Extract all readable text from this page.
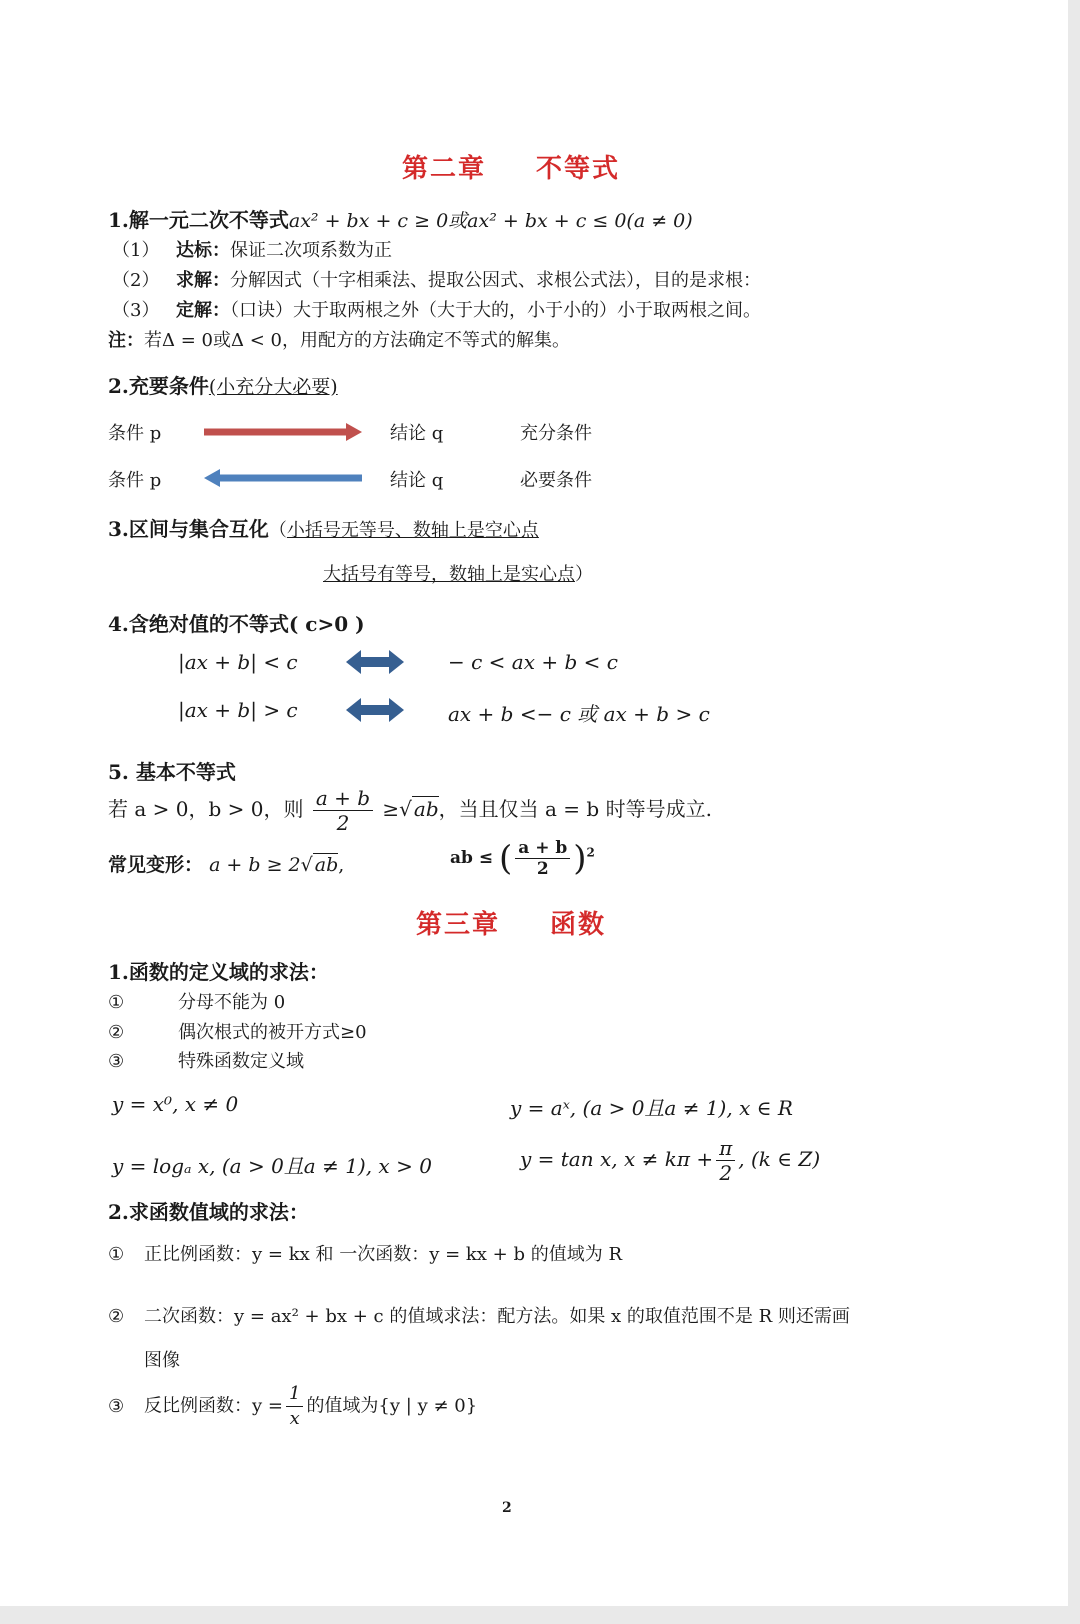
第二章 不等式
1.解一元二次不等式ax² + bx + c ≥ 0或ax² + bx + c ≤ 0(a ≠ 0)
（1） 达标：保证二次项系数为正
（2） 求解：分解因式（十字相乘法、提取公因式、求根公式法），目的是求根：
（3） 定解：（口诀）大于取两根之外（大于大的，小于小的）小于取两根之间。
注：若Δ = 0或Δ < 0，用配方的方法确定不等式的解集。
2.充要条件(小充分大必要)
条件 p	结论 q	充分条件
条件 p	结论 q	必要条件
3.区间与集合互化（小括号无等号、数轴上是空心点
大括号有等号，数轴上是实心点）
4.含绝对值的不等式( c>0 )
|ax + b| < c	− c < ax + b < c
|ax + b| > c	ax + b <− c 或 ax + b > c
5. 基本不等式
若 a > 0，b > 0，则 $\frac{a + b}{2}$ ≥√ ab，当且仅当 a = b 时等号成立.
常见变形： a + b ≥ 2√ ab,	ab ≤ ( $\frac{a + b}{2} )^2$
第三章 函数
1.函数的定义域的求法：
①	分母不能为 0
②	偶次根式的被开方式≥0
③	特殊函数定义域
y = x⁰, x ≠ 0	y = aˣ, (a > 0且a ≠ 1), x ∈ R
y = logₐ x, (a > 0且a ≠ 1), x > 0	y = tan x, $x \ne k\pi + \frac{\pi}{2}$ , (k ∈ Z)
2.求函数值域的求法：
① 正比例函数：y = kx 和 一次函数：y = kx + b 的值域为 R
② 二次函数：y = ax² + bx + c 的值域求法：配方法。如果 x 的取值范围不是 R 则还需画
图像
③ 反比例函数：$y = \frac{1}{x}$ 的值域为{y | y ≠ 0}
2
